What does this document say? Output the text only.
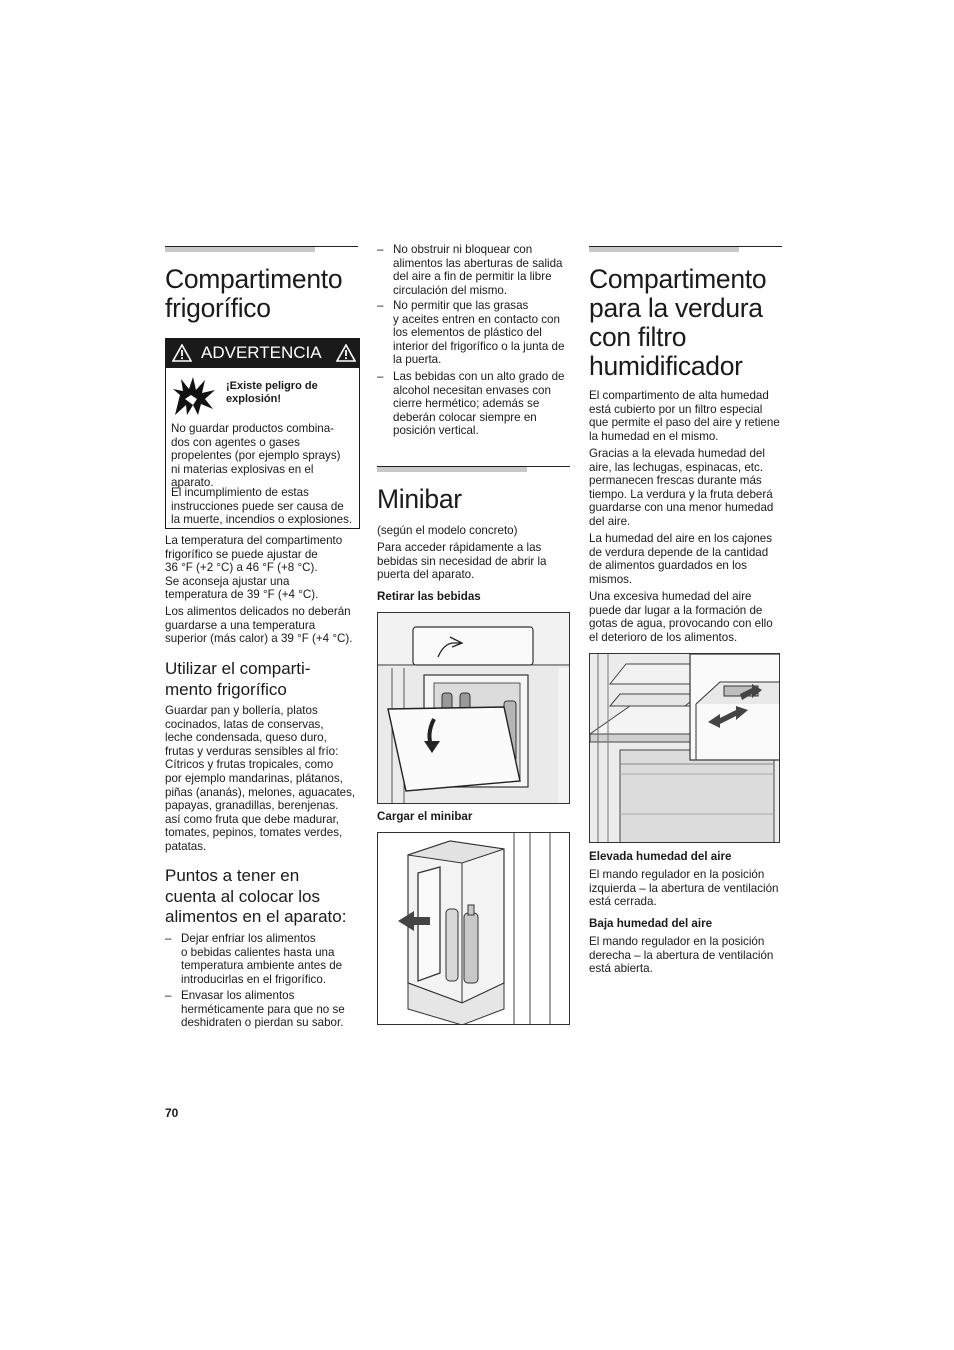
Compartimento
frigorífico
ADVERTENCIA
¡Existe peligro de
explosión!
No guardar productos combina-
dos con agentes o gases
propelentes (por ejemplo sprays)
ni materias explosivas en el
aparato.
El incumplimiento de estas
instrucciones puede ser causa de
la muerte, incendios o explosiones.
La temperatura del compartimento
frigorífico se puede ajustar de
36 °F (+2 °C) a 46 °F (+8 °C).
Se aconseja ajustar una
temperatura de 39 °F (+4 °C).
Los alimentos delicados no deberán
guardarse a una temperatura
superior (más calor) a 39 °F (+4 °C).
Utilizar el comparti-
mento frigorífico
Guardar pan y bollería, platos
cocinados, latas de conservas,
leche condensada, queso duro,
frutas y verduras sensibles al frío:
Cítricos y frutas tropicales, como
por ejemplo mandarinas, plátanos,
piñas (ananás), melones, aguacates,
papayas, granadillas, berenjenas.
así como fruta que debe madurar,
tomates, pepinos, tomates verdes,
patatas.
Puntos a tener en
cuenta al colocar los
alimentos en el aparato:
– Dejar enfriar los alimentos
o bebidas calientes hasta una
temperatura ambiente antes de
introducirlas en el frigorífico.
– Envasar los alimentos
herméticamente para que no se
deshidraten o pierdan su sabor.
– No obstruir ni bloquear con
alimentos las aberturas de salida
del aire a fin de permitir la libre
circulación del mismo.
– No permitir que las grasas
y aceites entren en contacto con
los elementos de plástico del
interior del frigorífico o la junta de
la puerta.
– Las bebidas con un alto grado de
alcohol necesitan envases con
cierre hermético; además se
deberán colocar siempre en
posición vertical.
Minibar
(según el modelo concreto)
Para acceder rápidamente a las
bebidas sin necesidad de abrir la
puerta del aparato.
Retirar las bebidas
Cargar el minibar
Compartimento
para la verdura
con filtro
humidificador
El compartimento de alta humedad
está cubierto por un filtro especial
que permite el paso del aire y retiene
la humedad en el mismo.
Gracias a la elevada humedad del
aire, las lechugas, espinacas, etc.
permanecen frescas durante más
tiempo. La verdura y la fruta deberá
guardarse con una menor humedad
del aire.
La humedad del aire en los cajones
de verdura depende de la cantidad
de alimentos guardados en los
mismos.
Una excesiva humedad del aire
puede dar lugar a la formación de
gotas de agua, provocando con ello
el deterioro de los alimentos.
Elevada humedad del aire
El mando regulador en la posición
izquierda – la abertura de ventilación
está cerrada.
Baja humedad del aire
El mando regulador en la posición
derecha – la abertura de ventilación
está abierta.
70
